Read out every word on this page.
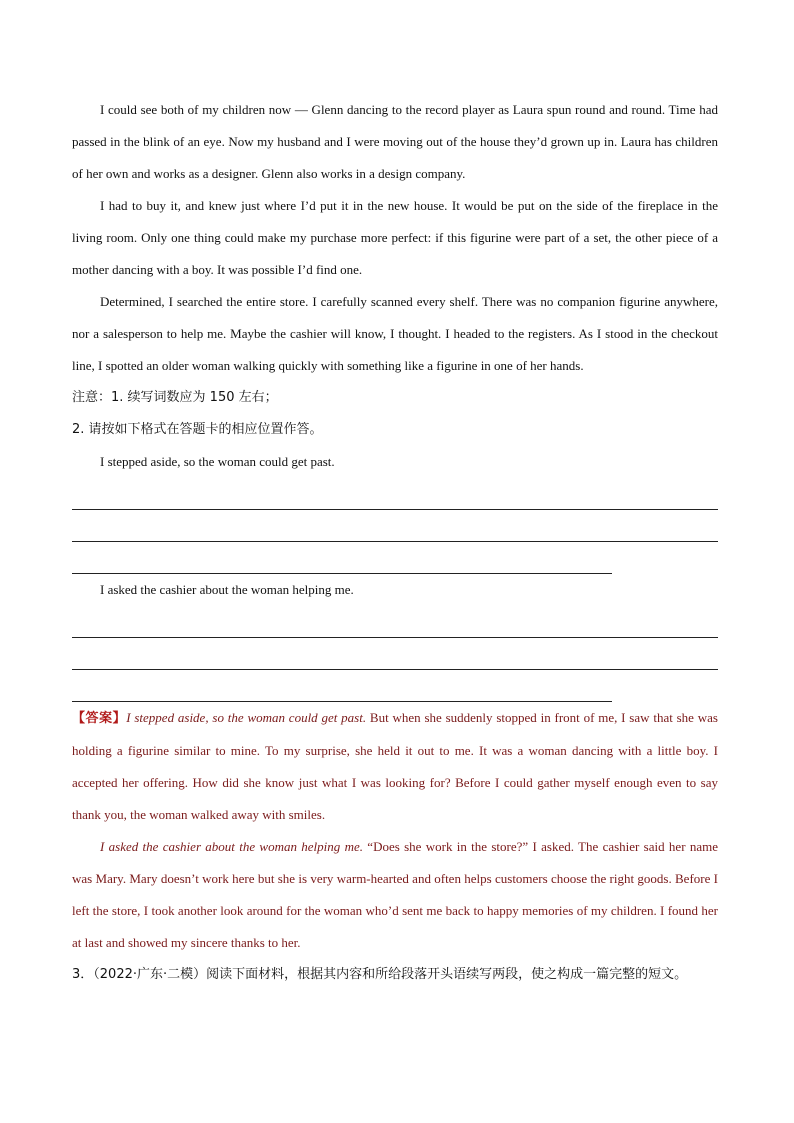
I could see both of my children now — Glenn dancing to the record player as Laura spun round and round. Time had passed in the blink of an eye. Now my husband and I were moving out of the house they’d grown up in. Laura has children of her own and works as a designer. Glenn also works in a design company.

I had to buy it, and knew just where I’d put it in the new house. It would be put on the side of the fireplace in the living room. Only one thing could make my purchase more perfect: if this figurine were part of a set, the other piece of a mother dancing with a boy. It was possible I’d find one.

Determined, I searched the entire store. I carefully scanned every shelf. There was no companion figurine anywhere, nor a salesperson to help me. Maybe the cashier will know, I thought. I headed to the registers. As I stood in the checkout line, I spotted an older woman walking quickly with something like a figurine in one of her hands.

注意：1. 续写词数应为 150 左右；

2. 请按如下格式在答题卡的相应位置作答。

I stepped aside, so the woman could get past.

I asked the cashier about the woman helping me.

【答案】I stepped aside, so the woman could get past. But when she suddenly stopped in front of me, I saw that she was holding a figurine similar to mine. To my surprise, she held it out to me. It was a woman dancing with a little boy. I accepted her offering. How did she know just what I was looking for? Before I could gather myself enough even to say thank you, the woman walked away with smiles.

I asked the cashier about the woman helping me. “Does she work in the store?” I asked. The cashier said her name was Mary. Mary doesn’t work here but she is very warm-hearted and often helps customers choose the right goods. Before I left the store, I took another look around for the woman who’d sent me back to happy memories of my children. I found her at last and showed my sincere thanks to her.

3．（2022·广东·二模）阅读下面材料，根据其内容和所给段落开头语续写两段，使之构成一篇完整的短文。
